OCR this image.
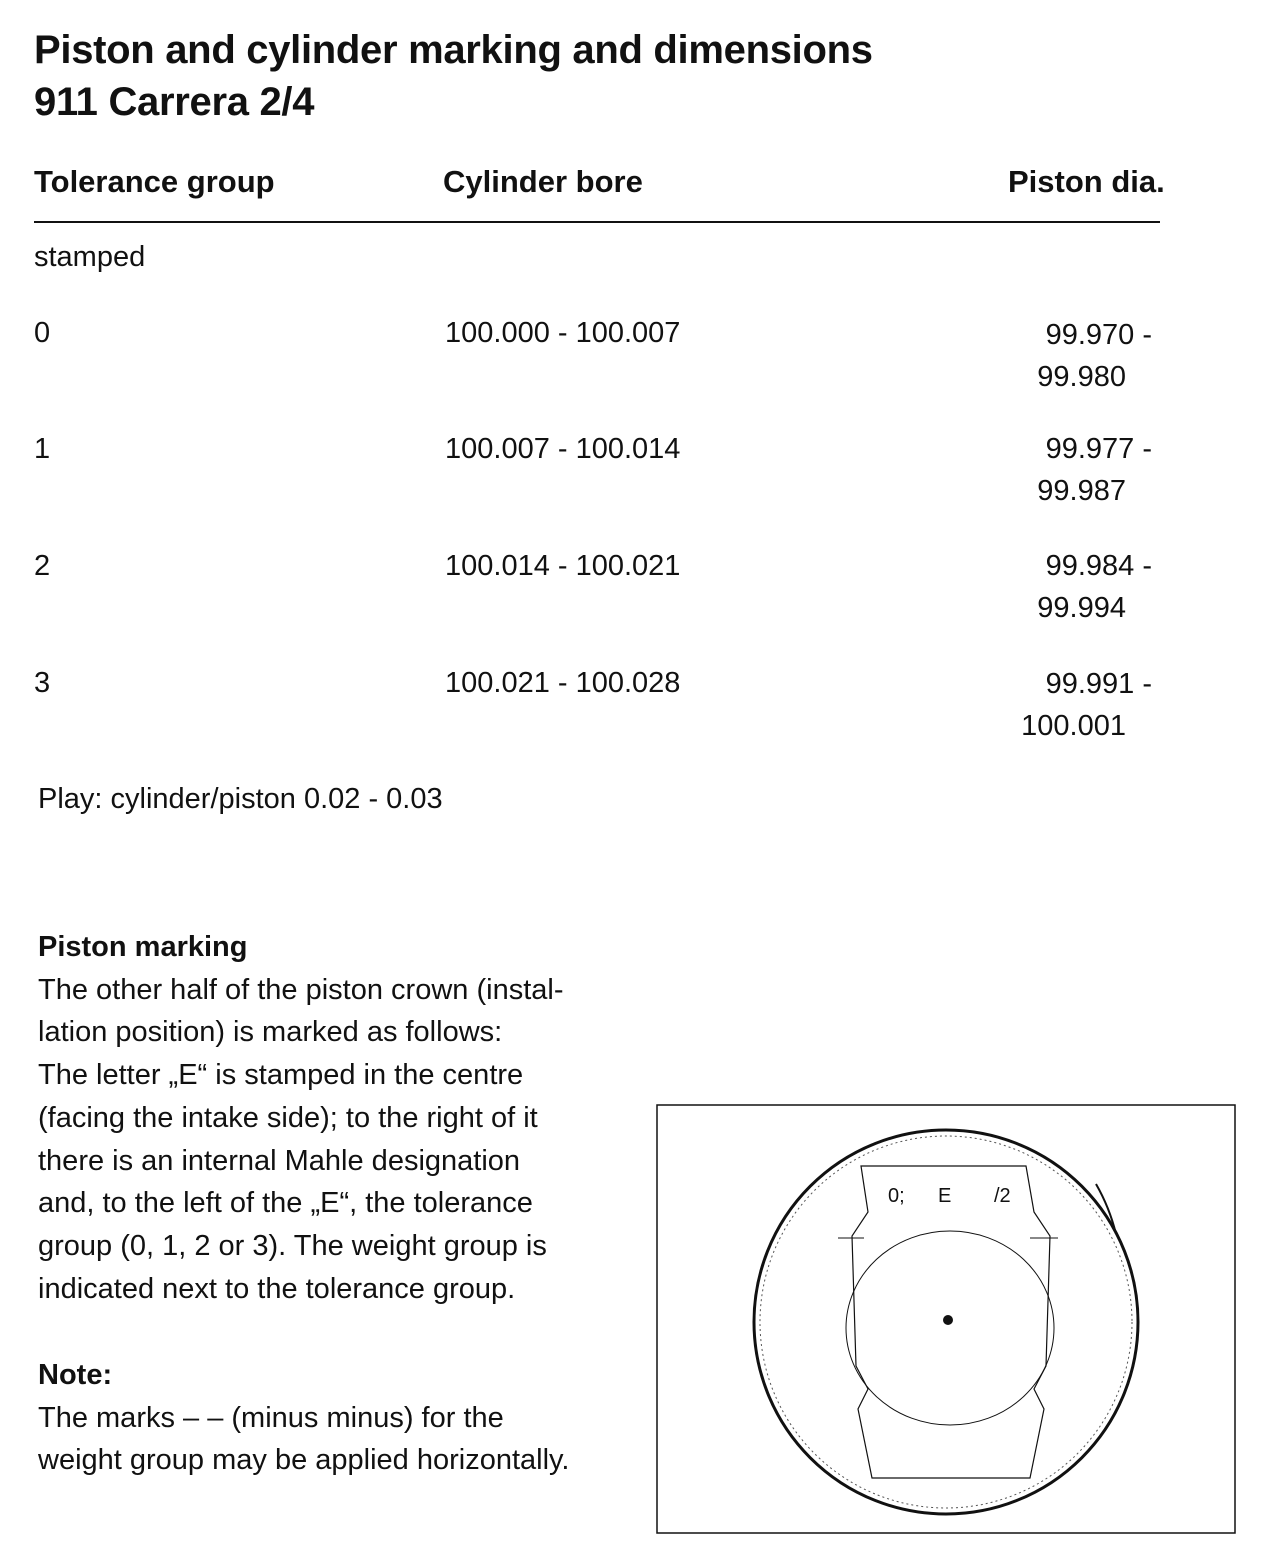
Piston and cylinder marking and dimensions
911 Carrera 2/4
Tolerance group	Cylinder bore	Piston dia.
stamped
0	100.000 - 100.007	99.970 -
99.980
1	100.007 - 100.014	99.977 -
99.987
2	100.014 - 100.021	99.984 -
99.994
3	100.021 - 100.028	99.991 -
100.001
Play: cylinder/piston 0.02 - 0.03
Piston marking
The other half of the piston crown (instal-
lation position) is marked as follows:
The letter „E“ is stamped in the centre
(facing the intake side); to the right of it
there is an internal Mahle designation
and, to the left of the „E“, the tolerance
group (0, 1, 2 or 3). The weight group is
indicated next to the tolerance group.
Note:
The marks – – (minus minus) for the
weight group may be applied horizontally.
0; E /2
